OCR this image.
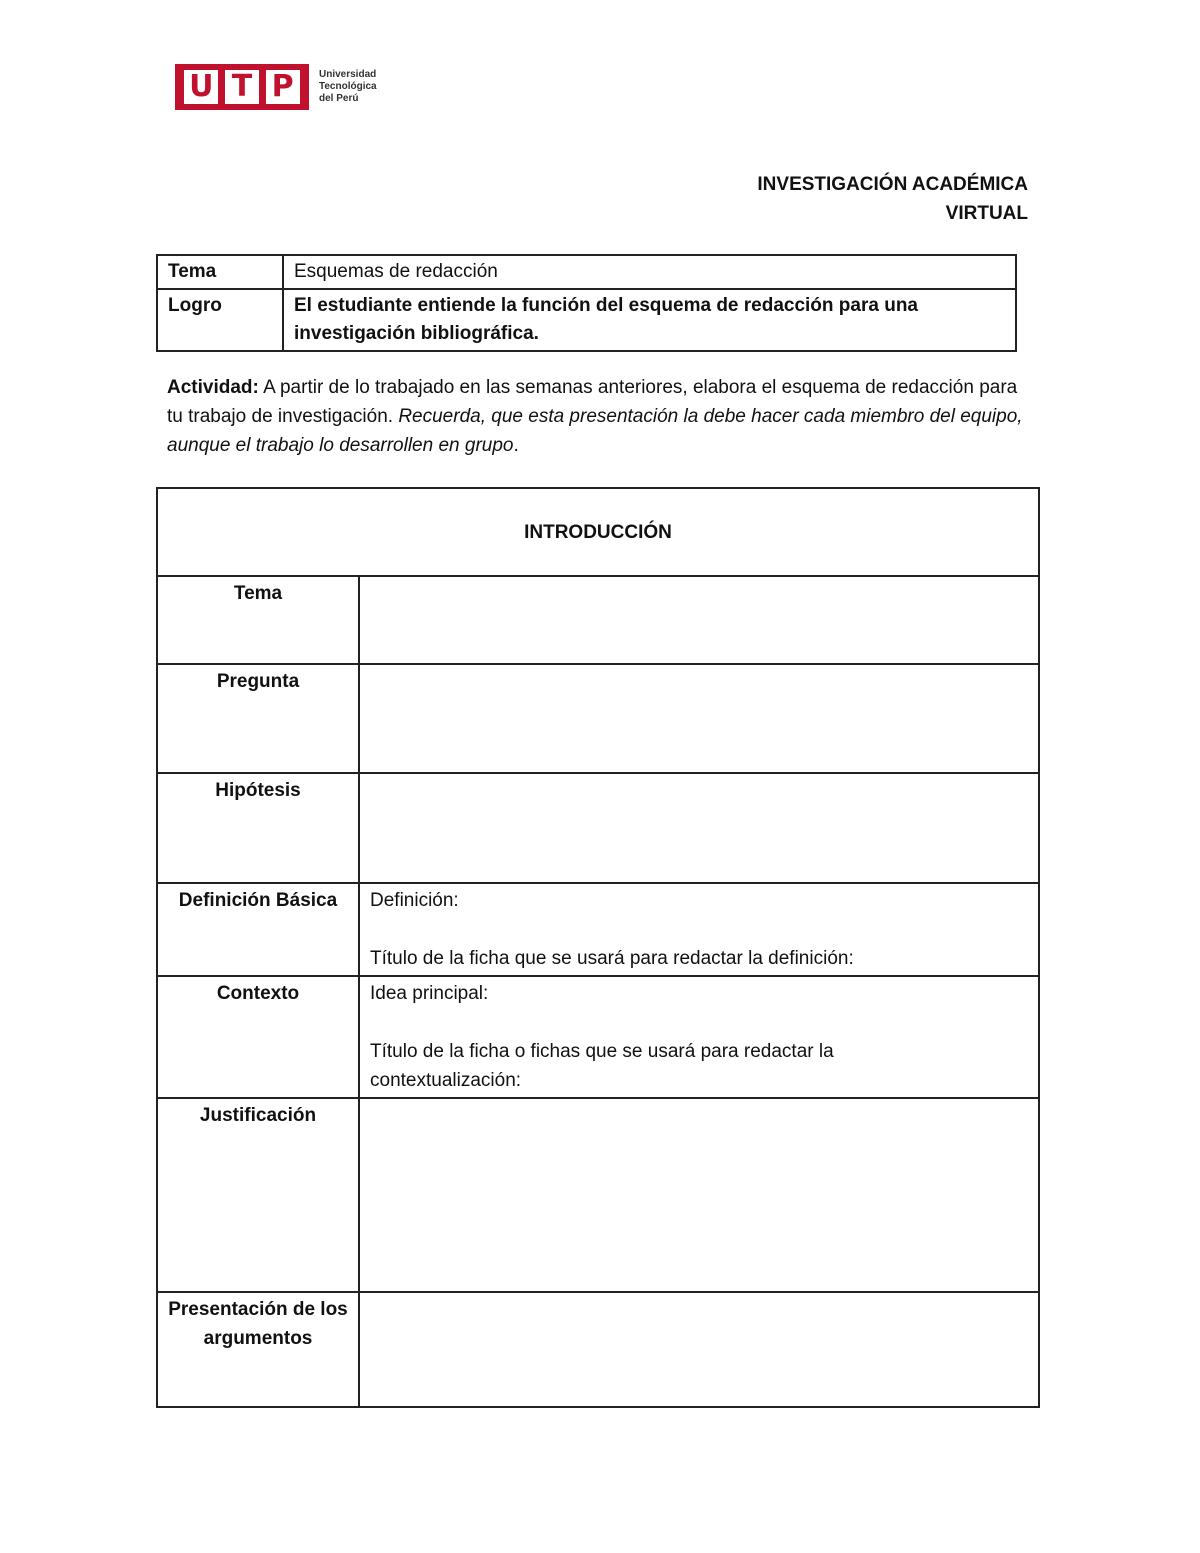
U T P	Universidad
Tecnológica
del Perú
INVESTIGACIÓN ACADÉMICA
VIRTUAL
Tema	Esquemas de redacción
Logro	El estudiante entiende la función del esquema de redacción para una investigación bibliográfica.
Actividad: A partir de lo trabajado en las semanas anteriores, elabora el esquema de redacción para tu trabajo de investigación. Recuerda, que esta presentación la debe hacer cada miembro del equipo, aunque el trabajo lo desarrollen en grupo.
INTRODUCCIÓN	
Tema	
Pregunta	
Hipótesis	
Definición Básica	Definición:
Título de la ficha que se usará para redactar la definición:

Contexto	Idea principal:
Título de la ficha o fichas que se usará para redactar la contextualización:

Justificación	
Presentación de los argumentos	
